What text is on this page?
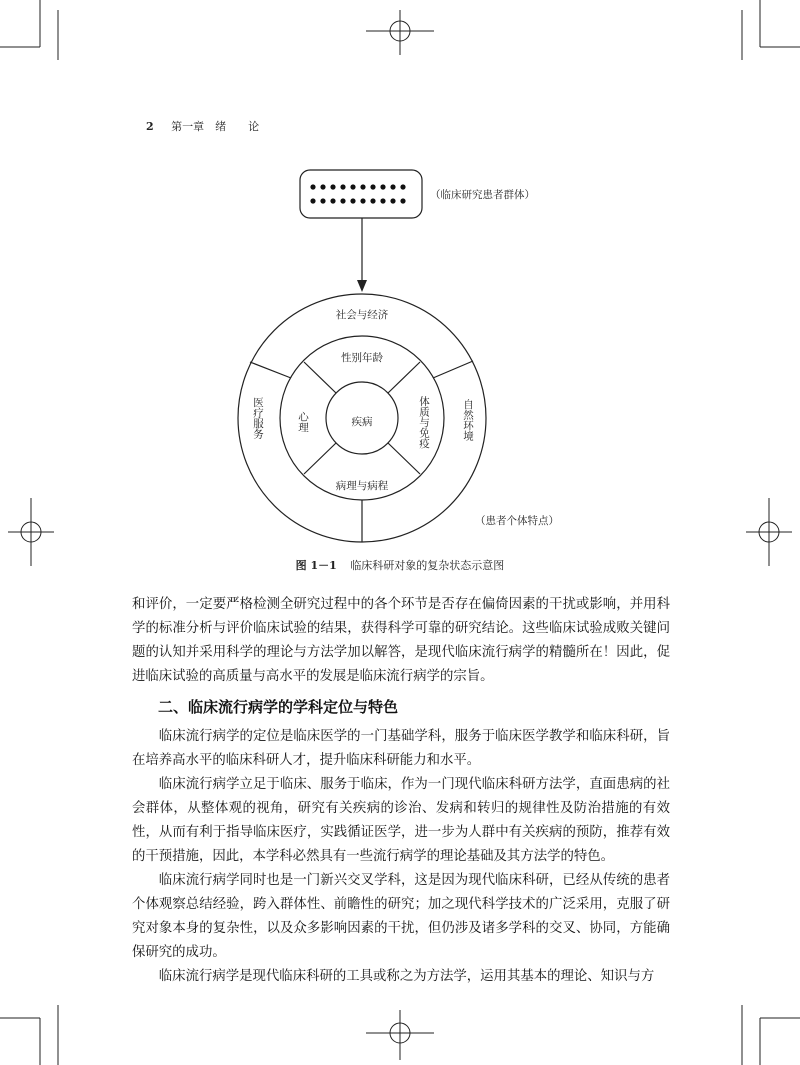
2 第一章　绪　　论
（临床研究患者群体）
社会与经济
医疗服务	自然环境
性别年龄
心理	体质与免疫
病理与病程
疾病
（患者个体特点）
图 1－1 临床科研对象的复杂状态示意图

和评价，一定要严格检测全研究过程中的各个环节是否存在偏倚因素的干扰或影响，并用科学的标准分析与评价临床试验的结果，获得科学可靠的研究结论。这些临床试验成败关键问题的认知并采用科学的理论与方法学加以解答，是现代临床流行病学的精髓所在！因此，促进临床试验的高质量与高水平的发展是临床流行病学的宗旨。

二、临床流行病学的学科定位与特色

临床流行病学的定位是临床医学的一门基础学科，服务于临床医学教学和临床科研，旨在培养高水平的临床科研人才，提升临床科研能力和水平。

临床流行病学立足于临床、服务于临床，作为一门现代临床科研方法学，直面患病的社会群体，从整体观的视角，研究有关疾病的诊治、发病和转归的规律性及防治措施的有效性，从而有利于指导临床医疗，实践循证医学，进一步为人群中有关疾病的预防，推荐有效的干预措施，因此，本学科必然具有一些流行病学的理论基础及其方法学的特色。

临床流行病学同时也是一门新兴交叉学科，这是因为现代临床科研，已经从传统的患者个体观察总结经验，跨入群体性、前瞻性的研究；加之现代科学技术的广泛采用，克服了研究对象本身的复杂性，以及众多影响因素的干扰，但仍涉及诸多学科的交叉、协同，方能确保研究的成功。

临床流行病学是现代临床科研的工具或称之为方法学，运用其基本的理论、知识与方
